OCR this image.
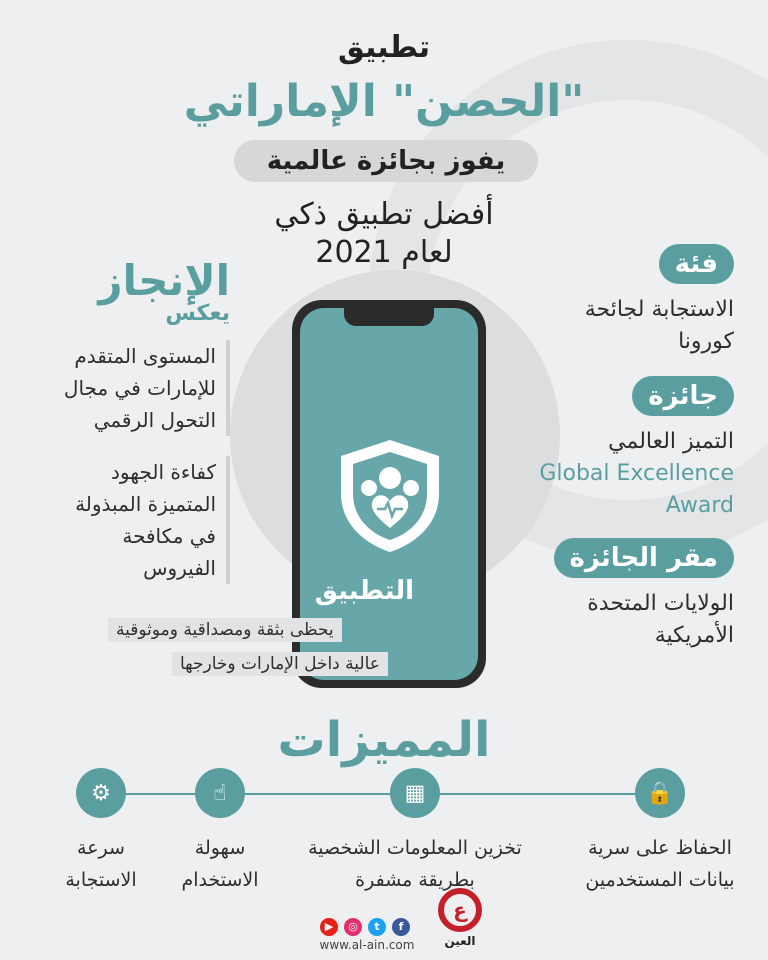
تطبيق
"الحصن" الإماراتي
يفوز بجائزة عالمية
أفضل تطبيق ذكي
لعام 2021	فئة
الاستجابة لجائحة
كورونا
جائزة
التميز العالمي
Global Excellence
Award
مقر الجائزة
الولايات المتحدة
الأمريكية
الإنجاز
يعكس
المستوى المتقدم
للإمارات في مجال
التحول الرقمي
كفاءة الجهود
المتميزة المبذولة
في مكافحة
الفيروس
التطبيق
يحظى بثقة ومصداقية وموثوقية
عالية داخل الإمارات وخارجها
المميزات
🔒
الحفاظ على سرية
بيانات المستخدمين
▦
تخزين المعلومات الشخصية
بطريقة مشفرة
☝
سهولة
الاستخدام
⚙
سرعة
الاستجابة
▶	◎	t	f
www.al-ain.com
ع
العين
